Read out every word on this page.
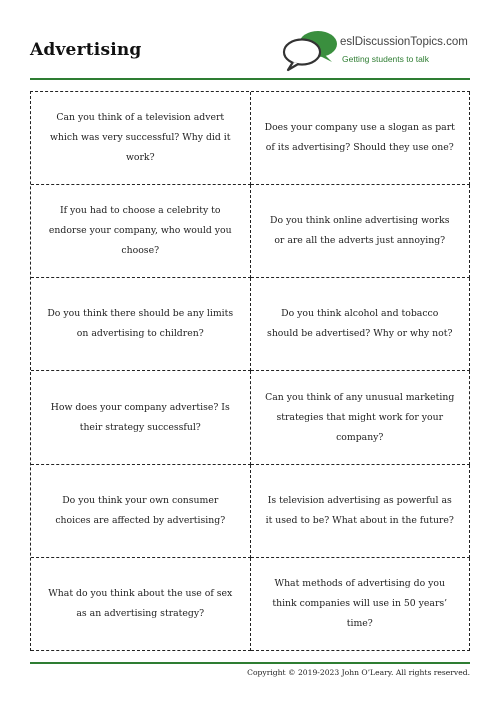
Advertising	eslDiscussionTopics.com
Getting students to talk
Can you think of a television advert which was very successful? Why did it work?
Does your company use a slogan as part of its advertising? Should they use one?
If you had to choose a celebrity to endorse your company, who would you choose?
Do you think online advertising works or are all the adverts just annoying?
Do you think there should be any limits on advertising to children?
Do you think alcohol and tobacco should be advertised? Why or why not?
How does your company advertise? Is their strategy successful?
Can you think of any unusual marketing strategies that might work for your company?
Do you think your own consumer choices are affected by advertising?
Is television advertising as powerful as it used to be? What about in the future?
What do you think about the use of sex as an advertising strategy?
What methods of advertising do you think companies will use in 50 years’ time?
Copyright © 2019-2023 John O’Leary. All rights reserved.
